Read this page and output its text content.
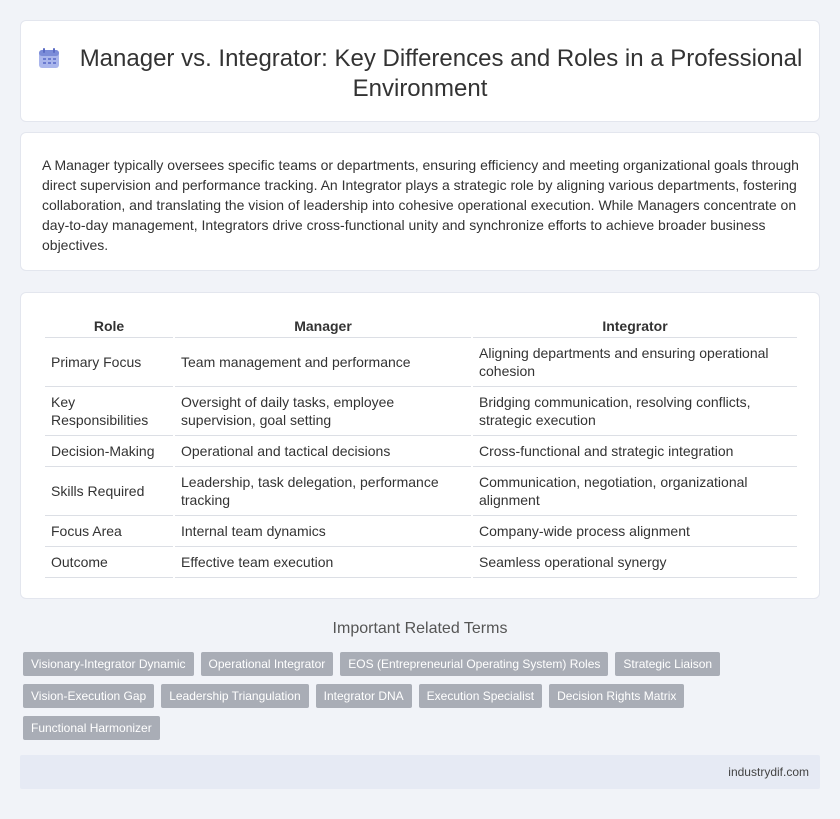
Manager vs. Integrator: Key Differences and Roles in a Professional Environment

A Manager typically oversees specific teams or departments, ensuring efficiency and meeting organizational goals through direct supervision and performance tracking. An Integrator plays a strategic role by aligning various departments, fostering collaboration, and translating the vision of leadership into cohesive operational execution. While Managers concentrate on day-to-day management, Integrators drive cross-functional unity and synchronize efforts to achieve broader business objectives.

Role	Manager	Integrator
Primary Focus	Team management and performance	Aligning departments and ensuring operational cohesion
Key Responsibilities	Oversight of daily tasks, employee supervision, goal setting	Bridging communication, resolving conflicts, strategic execution
Decision-Making	Operational and tactical decisions	Cross-functional and strategic integration
Skills Required	Leadership, task delegation, performance tracking	Communication, negotiation, organizational alignment
Focus Area	Internal team dynamics	Company-wide process alignment
Outcome	Effective team execution	Seamless operational synergy
Important Related Terms
Visionary-Integrator Dynamic	Operational Integrator	EOS (Entrepreneurial Operating System) Roles	Strategic Liaison
Vision-Execution Gap	Leadership Triangulation	Integrator DNA	Execution Specialist	Decision Rights Matrix
Functional Harmonizer
industrydif.com
